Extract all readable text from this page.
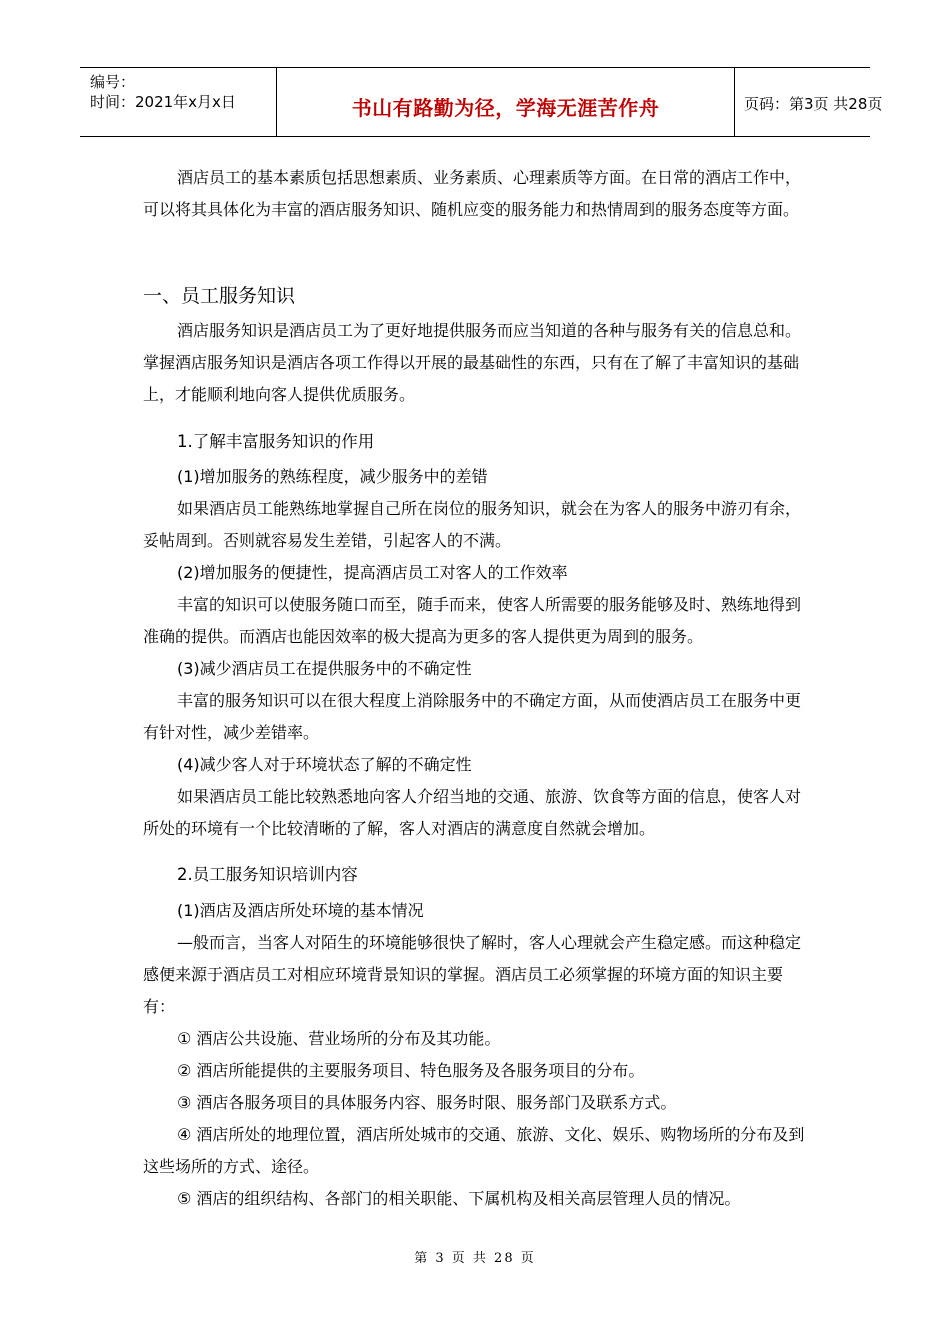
编号：
时间：2021年x月x日	书山有路勤为径，学海无涯苦作舟	页码：第3页 共28页

酒店员工的基本素质包括思想素质、业务素质、心理素质等方面。在日常的酒店工作中，可以将其具体化为丰富的酒店服务知识、随机应变的服务能力和热情周到的服务态度等方面。

一、员工服务知识

酒店服务知识是酒店员工为了更好地提供服务而应当知道的各种与服务有关的信息总和。掌握酒店服务知识是酒店各项工作得以开展的最基础性的东西，只有在了解了丰富知识的基础上，才能顺利地向客人提供优质服务。

1.了解丰富服务知识的作用

(1)增加服务的熟练程度，减少服务中的差错

如果酒店员工能熟练地掌握自己所在岗位的服务知识，就会在为客人的服务中游刃有余，妥帖周到。否则就容易发生差错，引起客人的不满。

(2)增加服务的便捷性，提高酒店员工对客人的工作效率

丰富的知识可以使服务随口而至，随手而来，使客人所需要的服务能够及时、熟练地得到准确的提供。而酒店也能因效率的极大提高为更多的客人提供更为周到的服务。

(3)减少酒店员工在提供服务中的不确定性

丰富的服务知识可以在很大程度上消除服务中的不确定方面，从而使酒店员工在服务中更有针对性，减少差错率。

(4)减少客人对于环境状态了解的不确定性

如果酒店员工能比较熟悉地向客人介绍当地的交通、旅游、饮食等方面的信息，使客人对所处的环境有一个比较清晰的了解，客人对酒店的满意度自然就会增加。

2.员工服务知识培训内容

(1)酒店及酒店所处环境的基本情况

—般而言，当客人对陌生的环境能够很快了解时，客人心理就会产生稳定感。而这种稳定感便来源于酒店员工对相应环境背景知识的掌握。酒店员工必须掌握的环境方面的知识主要有：

① 酒店公共设施、营业场所的分布及其功能。

② 酒店所能提供的主要服务项目、特色服务及各服务项目的分布。

③ 酒店各服务项目的具体服务内容、服务时限、服务部门及联系方式。

④ 酒店所处的地理位置，酒店所处城市的交通、旅游、文化、娱乐、购物场所的分布及到这些场所的方式、途径。

⑤ 酒店的组织结构、各部门的相关职能、下属机构及相关高层管理人员的情况。

第 3 页 共 28 页
